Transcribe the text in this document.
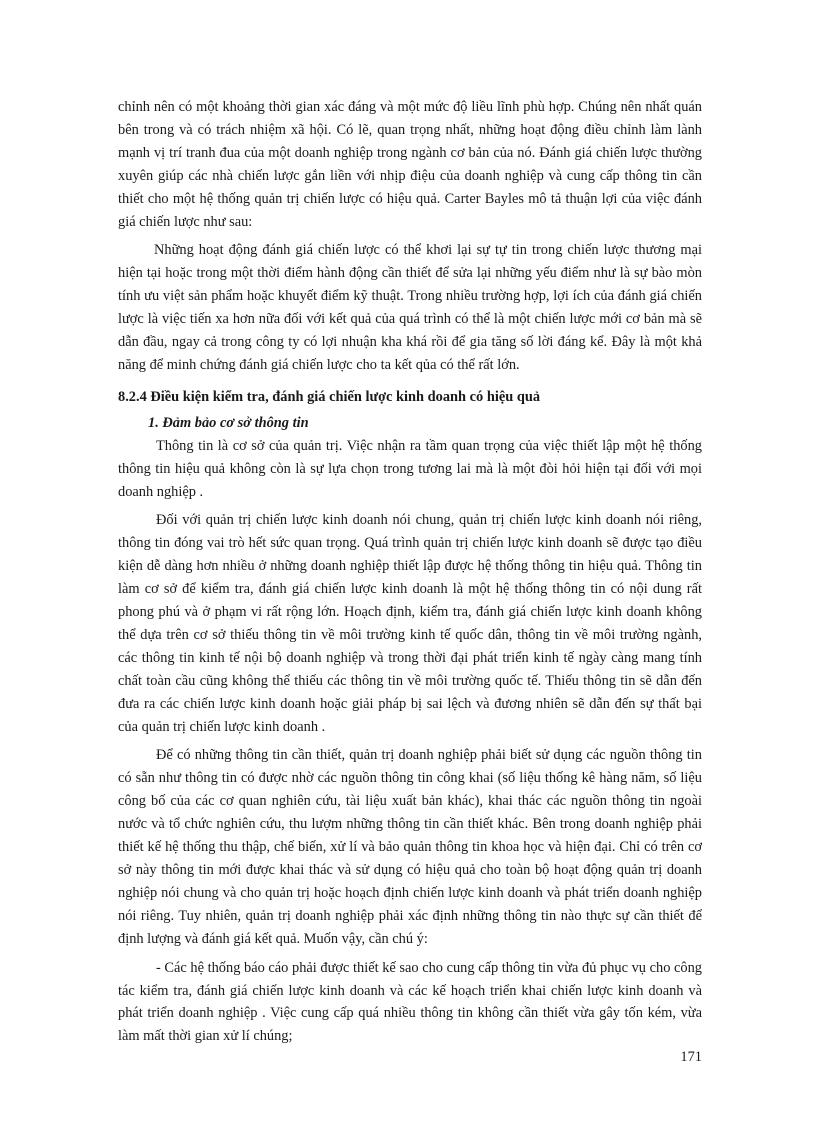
chỉnh nên có một khoảng thời gian xác đáng và một mức độ liều lĩnh phù hợp. Chúng nên nhất quán bên trong và có trách nhiệm xã hội. Có lẽ, quan trọng nhất, những hoạt động điều chỉnh làm lành mạnh vị trí tranh đua của một doanh nghiệp trong ngành cơ bản của nó. Đánh giá chiến lược thường xuyên giúp các nhà chiến lược gắn liền với nhịp điệu của doanh nghiệp và cung cấp thông tin cần thiết cho một hệ thống quản trị chiến lược có hiệu quả. Carter Bayles mô tả thuận lợi của việc đánh giá chiến lược như sau:

Những hoạt động đánh giá chiến lược có thể khơi lại sự tự tin trong chiến lược thương mại hiện tại hoặc trong một thời điểm hành động cần thiết để sửa lại những yếu điểm như là sự bào mòn tính ưu việt sản phẩm hoặc khuyết điểm kỹ thuật. Trong nhiều trường hợp, lợi ích của đánh giá chiến lược là việc tiến xa hơn nữa đối với kết quả của quá trình có thể là một chiến lược mới cơ bản mà sẽ dẫn đầu, ngay cả trong công ty có lợi nhuận kha khá rồi để gia tăng số lời đáng kể. Đây là một khả năng để minh chứng đánh giá chiến lược cho ta kết qủa có thể rất lớn.

8.2.4 Điều kiện kiểm tra, đánh giá chiến lược kinh doanh có hiệu quả

1. Đảm bảo cơ sở thông tin

Thông tin là cơ sở của quản trị. Việc nhận ra tầm quan trọng của việc thiết lập một hệ thống thông tin hiệu quả không còn là sự lựa chọn trong tương lai mà là một đòi hỏi hiện tại đối với mọi doanh nghiệp .

Đối với quản trị chiến lược kinh doanh nói chung, quản trị chiến lược kinh doanh nói riêng, thông tin đóng vai trò hết sức quan trọng. Quá trình quản trị chiến lược kinh doanh sẽ được tạo điều kiện dễ dàng hơn nhiều ở những doanh nghiệp thiết lập được hệ thống thông tin hiệu quả. Thông tin làm cơ sở để kiểm tra, đánh giá chiến lược kinh doanh là một hệ thống thông tin có nội dung rất phong phú và ở phạm vi rất rộng lớn. Hoạch định, kiểm tra, đánh giá chiến lược kinh doanh không thể dựa trên cơ sở thiếu thông tin về môi trường kinh tế quốc dân, thông tin về môi trường ngành, các thông tin kinh tế nội bộ doanh nghiệp và trong thời đại phát triển kinh tế ngày càng mang tính chất toàn cầu cũng không thể thiếu các thông tin về môi trường quốc tế. Thiếu thông tin sẽ dẫn đến đưa ra các chiến lược kinh doanh hoặc giải pháp bị sai lệch và đương nhiên sẽ dẫn đến sự thất bại của quản trị chiến lược kinh doanh .

Để có những thông tin cần thiết, quản trị doanh nghiệp phải biết sử dụng các nguồn thông tin có sẵn như thông tin có được nhờ các nguồn thông tin công khai (số liệu thống kê hàng năm, số liệu công bố của các cơ quan nghiên cứu, tài liệu xuất bản khác), khai thác các nguồn thông tin ngoài nước và tổ chức nghiên cứu, thu lượm những thông tin cần thiết khác. Bên trong doanh nghiệp phải thiết kế hệ thống thu thập, chế biến, xử lí và bảo quản thông tin khoa học và hiện đại. Chỉ có trên cơ sở này thông tin mới được khai thác và sử dụng có hiệu quả cho toàn bộ hoạt động quản trị doanh nghiệp nói chung và cho quản trị hoặc hoạch định chiến lược kinh doanh và phát triển doanh nghiệp nói riêng. Tuy nhiên, quản trị doanh nghiệp phải xác định những thông tin nào thực sự cần thiết để định lượng và đánh giá kết quả. Muốn vậy, cần chú ý:

- Các hệ thống báo cáo phải được thiết kế sao cho cung cấp thông tin vừa đủ phục vụ cho công tác kiểm tra, đánh giá chiến lược kinh doanh và các kế hoạch triển khai chiến lược kinh doanh và phát triển doanh nghiệp . Việc cung cấp quá nhiều thông tin không cần thiết vừa gây tốn kém, vừa làm mất thời gian xử lí chúng;

171
